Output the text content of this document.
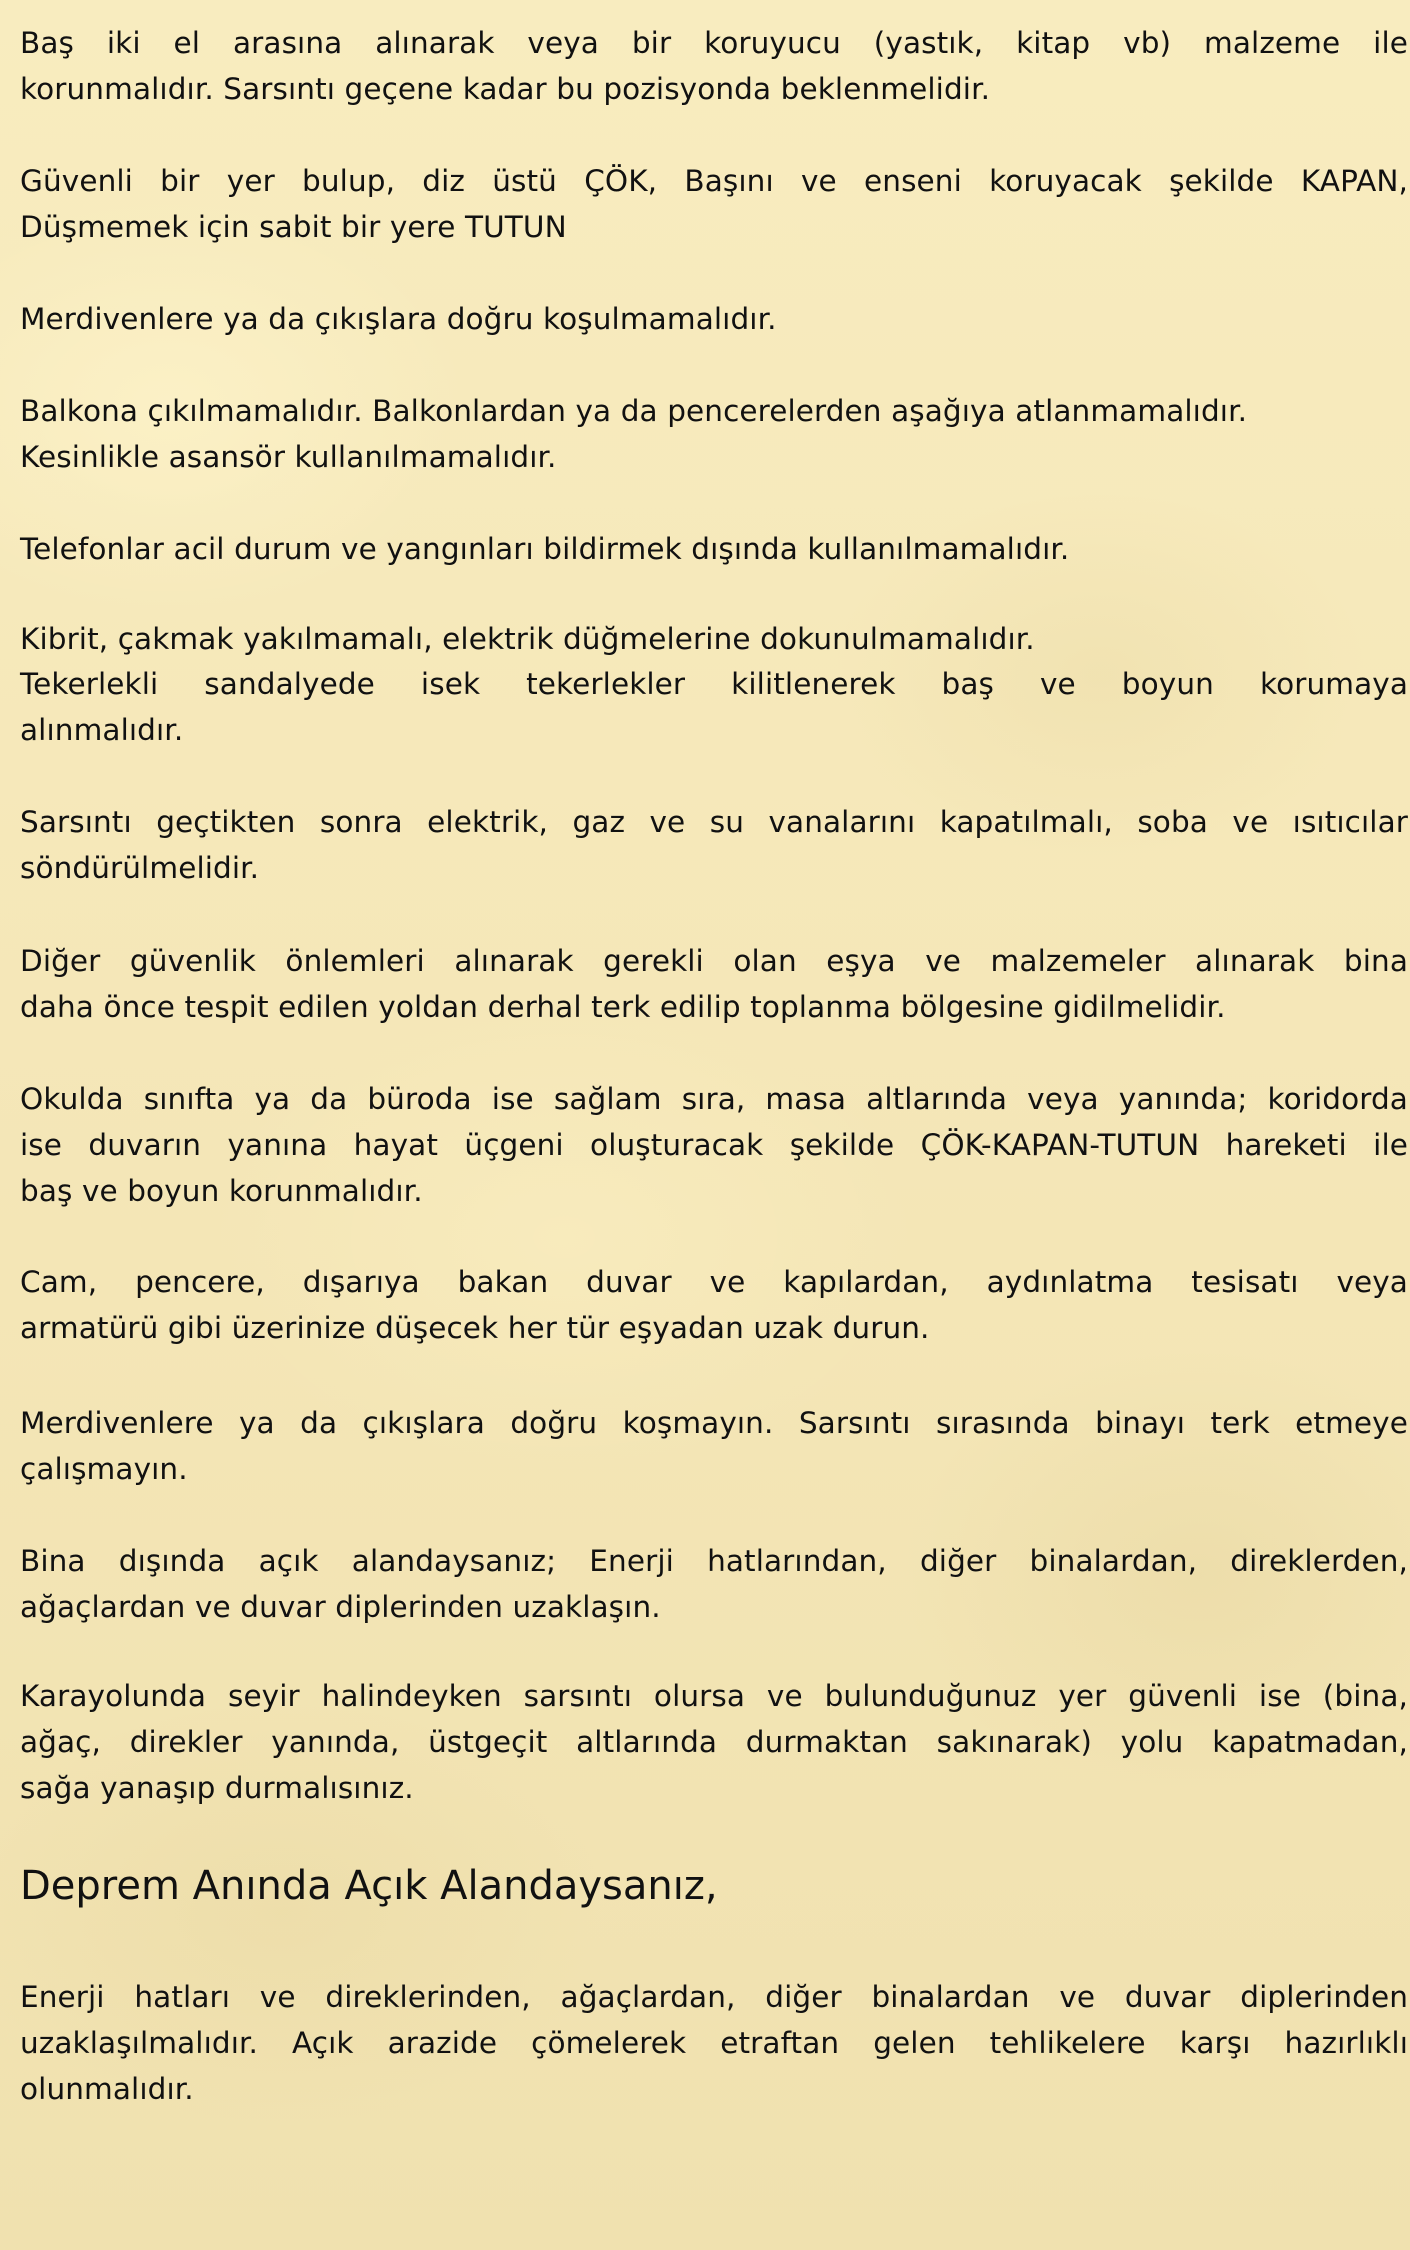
Baş iki el arasına alınarak veya bir koruyucu (yastık, kitap vb) malzeme ile
korunmalıdır. Sarsıntı geçene kadar bu pozisyonda beklenmelidir.
Güvenli bir yer bulup, diz üstü ÇÖK, Başını ve enseni koruyacak şekilde KAPAN,
Düşmemek için sabit bir yere TUTUN
Merdivenlere ya da çıkışlara doğru koşulmamalıdır.
Balkona çıkılmamalıdır. Balkonlardan ya da pencerelerden aşağıya atlanmamalıdır.
Kesinlikle asansör kullanılmamalıdır.
Telefonlar acil durum ve yangınları bildirmek dışında kullanılmamalıdır.
Kibrit, çakmak yakılmamalı, elektrik düğmelerine dokunulmamalıdır.
Tekerlekli sandalyede isek tekerlekler kilitlenerek baş ve boyun korumaya
alınmalıdır.
Sarsıntı geçtikten sonra elektrik, gaz ve su vanalarını kapatılmalı, soba ve ısıtıcılar
söndürülmelidir.
Diğer güvenlik önlemleri alınarak gerekli olan eşya ve malzemeler alınarak bina
daha önce tespit edilen yoldan derhal terk edilip toplanma bölgesine gidilmelidir.
Okulda sınıfta ya da büroda ise sağlam sıra, masa altlarında veya yanında; koridorda
ise duvarın yanına hayat üçgeni oluşturacak şekilde ÇÖK-KAPAN-TUTUN hareketi ile
baş ve boyun korunmalıdır.
Cam, pencere, dışarıya bakan duvar ve kapılardan, aydınlatma tesisatı veya
armatürü gibi üzerinize düşecek her tür eşyadan uzak durun.
Merdivenlere ya da çıkışlara doğru koşmayın. Sarsıntı sırasında binayı terk etmeye
çalışmayın.
Bina dışında açık alandaysanız; Enerji hatlarından, diğer binalardan, direklerden,
ağaçlardan ve duvar diplerinden uzaklaşın.
Karayolunda seyir halindeyken sarsıntı olursa ve bulunduğunuz yer güvenli ise (bina,
ağaç, direkler yanında, üstgeçit altlarında durmaktan sakınarak) yolu kapatmadan,
sağa yanaşıp durmalısınız.
Deprem Anında Açık Alandaysanız,
Enerji hatları ve direklerinden, ağaçlardan, diğer binalardan ve duvar diplerinden
uzaklaşılmalıdır. Açık arazide çömelerek etraftan gelen tehlikelere karşı hazırlıklı
olunmalıdır.
